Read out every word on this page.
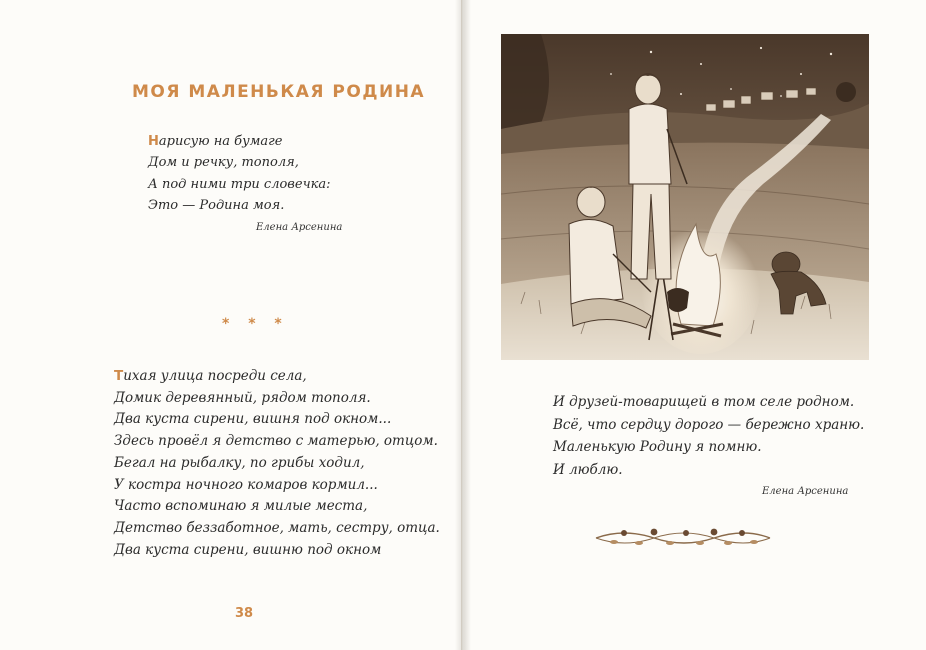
МОЯ МАЛЕНЬКАЯ РОДИНА
Нарисую на бумаге
Дом и речку, тополя,
А под ними три словечка:
Это — Родина моя.
Елена Арсенина
* * *
Тихая улица посреди села,
Домик деревянный, рядом тополя.
Два куста сирени, вишня под окном...
Здесь провёл я детство с матерью, отцом.
Бегал на рыбалку, по грибы ходил,
У костра ночного комаров кормил...
Часто вспоминаю я милые места,
Детство беззаботное, мать, сестру, отца.
Два куста сирени, вишню под окном
38
И друзей-товарищей в том селе родном.
Всё, что сердцу дорого — бережно храню.
Маленькую Родину я помню.
И люблю.
Елена Арсенина
